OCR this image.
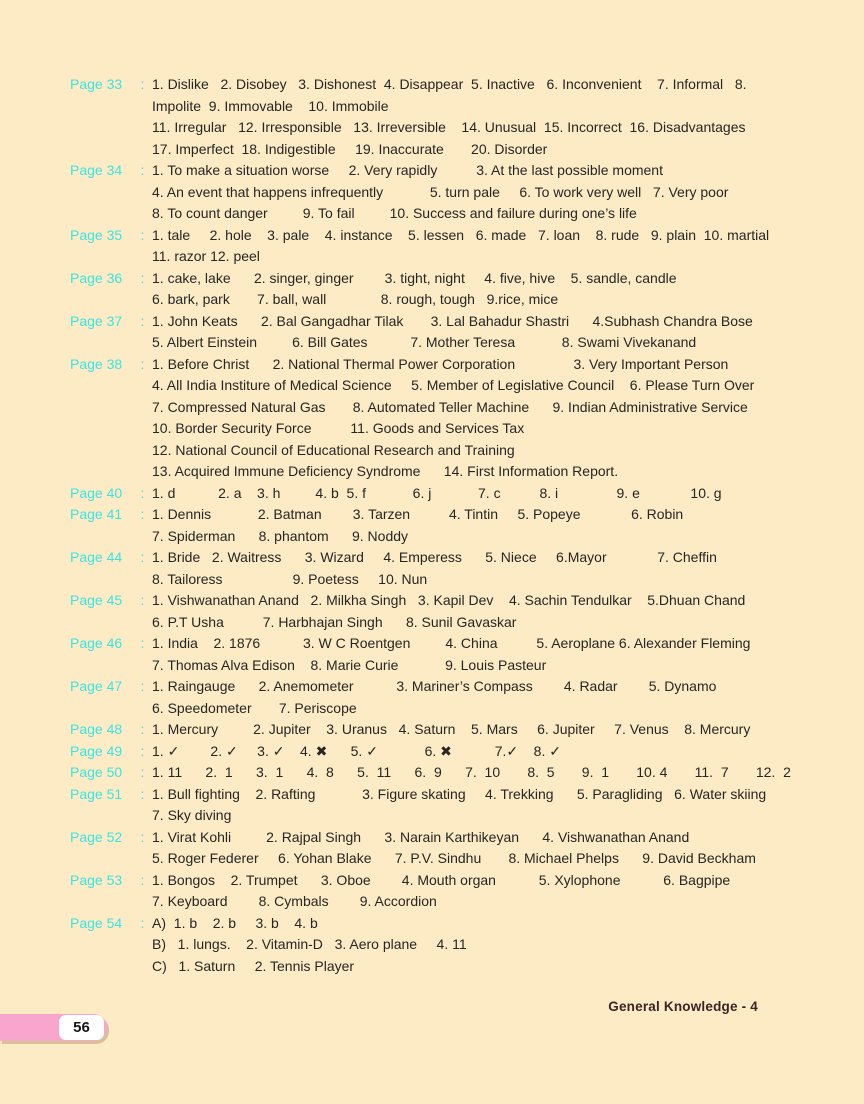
Page 33	: 1. Dislike   2. Disobey   3. Dishonest  4. Disappear  5. Inactive   6. Inconvenient    7. Informal   8.
Impolite  9. Immovable    10. Immobile
11. Irregular   12. Irresponsible   13. Irreversible    14. Unusual  15. Incorrect  16. Disadvantages
17. Imperfect  18. Indigestible     19. Inaccurate       20. Disorder
Page 34	: 1. To make a situation worse     2. Very rapidly          3. At the last possible moment
4. An event that happens infrequently            5. turn pale     6. To work very well   7. Very poor
8. To count danger         9. To fail         10. Success and failure during one’s life
Page 35	: 1. tale     2. hole    3. pale    4. instance    5. lessen   6. made   7. loan    8. rude   9. plain  10. martial
11. razor 12. peel
Page 36	: 1. cake, lake      2. singer, ginger        3. tight, night     4. five, hive    5. sandle, candle
6. bark, park       7. ball, wall              8. rough, tough   9.rice, mice
Page 37	: 1. John Keats      2. Bal Gangadhar Tilak       3. Lal Bahadur Shastri      4.Subhash Chandra Bose
5. Albert Einstein         6. Bill Gates           7. Mother Teresa            8. Swami Vivekanand
Page 38	: 1. Before Christ      2. National Thermal Power Corporation               3. Very Important Person
4. All India Institure of Medical Science     5. Member of Legislative Council    6. Please Turn Over
7. Compressed Natural Gas       8. Automated Teller Machine      9. Indian Administrative Service
10. Border Security Force          11. Goods and Services Tax
12. National Council of Educational Research and Training
13. Acquired Immune Deficiency Syndrome      14. First Information Report.
Page 40	: 1. d           2. a    3. h         4. b  5. f            6. j            7. c          8. i               9. e             10. g
Page 41	: 1. Dennis            2. Batman        3. Tarzen          4. Tintin     5. Popeye             6. Robin
7. Spiderman      8. phantom      9. Noddy
Page 44	: 1. Bride   2. Waitress      3. Wizard     4. Emperess      5. Niece     6.Mayor             7. Cheffin
8. Tailoress                  9. Poetess     10. Nun
Page 45	: 1. Vishwanathan Anand   2. Milkha Singh   3. Kapil Dev    4. Sachin Tendulkar    5.Dhuan Chand
6. P.T Usha          7. Harbhajan Singh      8. Sunil Gavaskar
Page 46	: 1. India    2. 1876           3. W C Roentgen         4. China          5. Aeroplane 6. Alexander Fleming
7. Thomas Alva Edison    8. Marie Curie            9. Louis Pasteur
Page 47	: 1. Raingauge      2. Anemometer           3. Mariner’s Compass        4. Radar        5. Dynamo
6. Speedometer       7. Periscope
Page 48	: 1. Mercury         2. Jupiter    3. Uranus   4. Saturn    5. Mars     6. Jupiter     7. Venus    8. Mercury
Page 49	: 1. ✓        2. ✓     3. ✓    4. ✖      5. ✓            6. ✖           7.✓    8. ✓
Page 50	: 1. 11      2.  1      3.  1      4.  8      5.  11      6.  9      7.  10       8.  5       9.  1       10. 4       11.  7       12.  2
Page 51	: 1. Bull fighting    2. Rafting            3. Figure skating     4. Trekking      5. Paragliding   6. Water skiing
7. Sky diving
Page 52	: 1. Virat Kohli         2. Rajpal Singh      3. Narain Karthikeyan      4. Vishwanathan Anand
5. Roger Federer     6. Yohan Blake      7. P.V. Sindhu       8. Michael Phelps      9. David Beckham
Page 53	: 1. Bongos    2. Trumpet      3. Oboe        4. Mouth organ           5. Xylophone           6. Bagpipe
7. Keyboard        8. Cymbals        9. Accordion
Page 54	: A)  1. b    2. b     3. b    4. b
B)   1. lungs.    2. Vitamin-D   3. Aero plane     4. 11
C)   1. Saturn     2. Tennis Player
General Knowledge - 4
56
